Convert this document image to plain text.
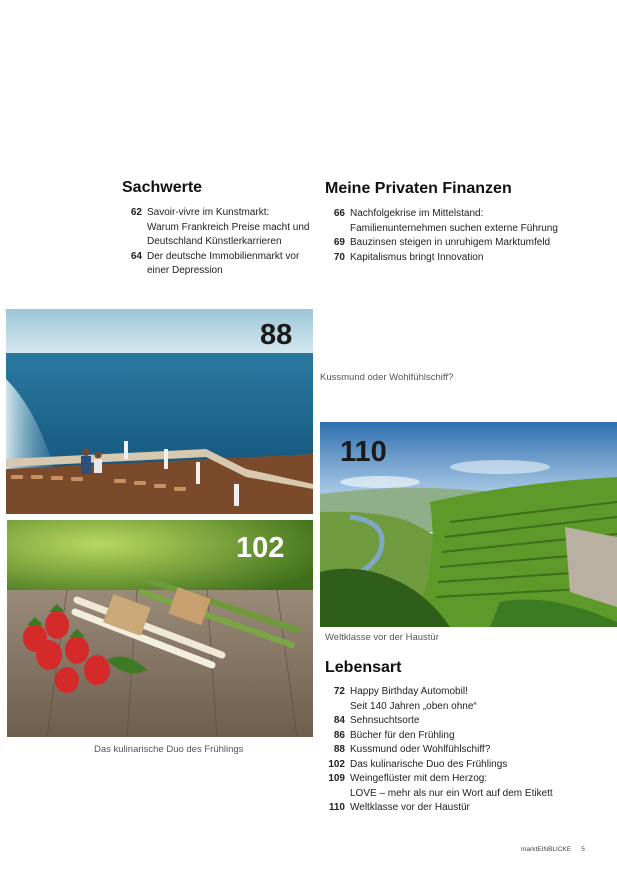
Sachwerte
62 Savoir-vivre im Kunstmarkt:
Warum Frankreich Preise macht und
Deutschland Künstlerkarrieren
64 Der deutsche Immobilienmarkt vor
einer Depression
Meine Privaten Finanzen
66 Nachfolgekrise im Mittelstand:
Familienunternehmen suchen externe Führung
69 Bauzinsen steigen in unruhigem Marktumfeld
70 Kapitalismus bringt Innovation
88
Kussmund oder Wohlfühlschiff?
110
Weltklasse vor der Haustür
102
Das kulinarische Duo des Frühlings
Lebensart
72 Happy Birthday Automobil!
Seit 140 Jahren „oben ohne“
84 Sehnsuchtsorte
86 Bücher für den Frühling
88 Kussmund oder Wohlfühlschiff?
102 Das kulinarische Duo des Frühlings
109 Weingeflüster mit dem Herzog:
LOVE – mehr als nur ein Wort auf dem Etikett
110 Weltklasse vor der Haustür
marktEINBLICKE 5
